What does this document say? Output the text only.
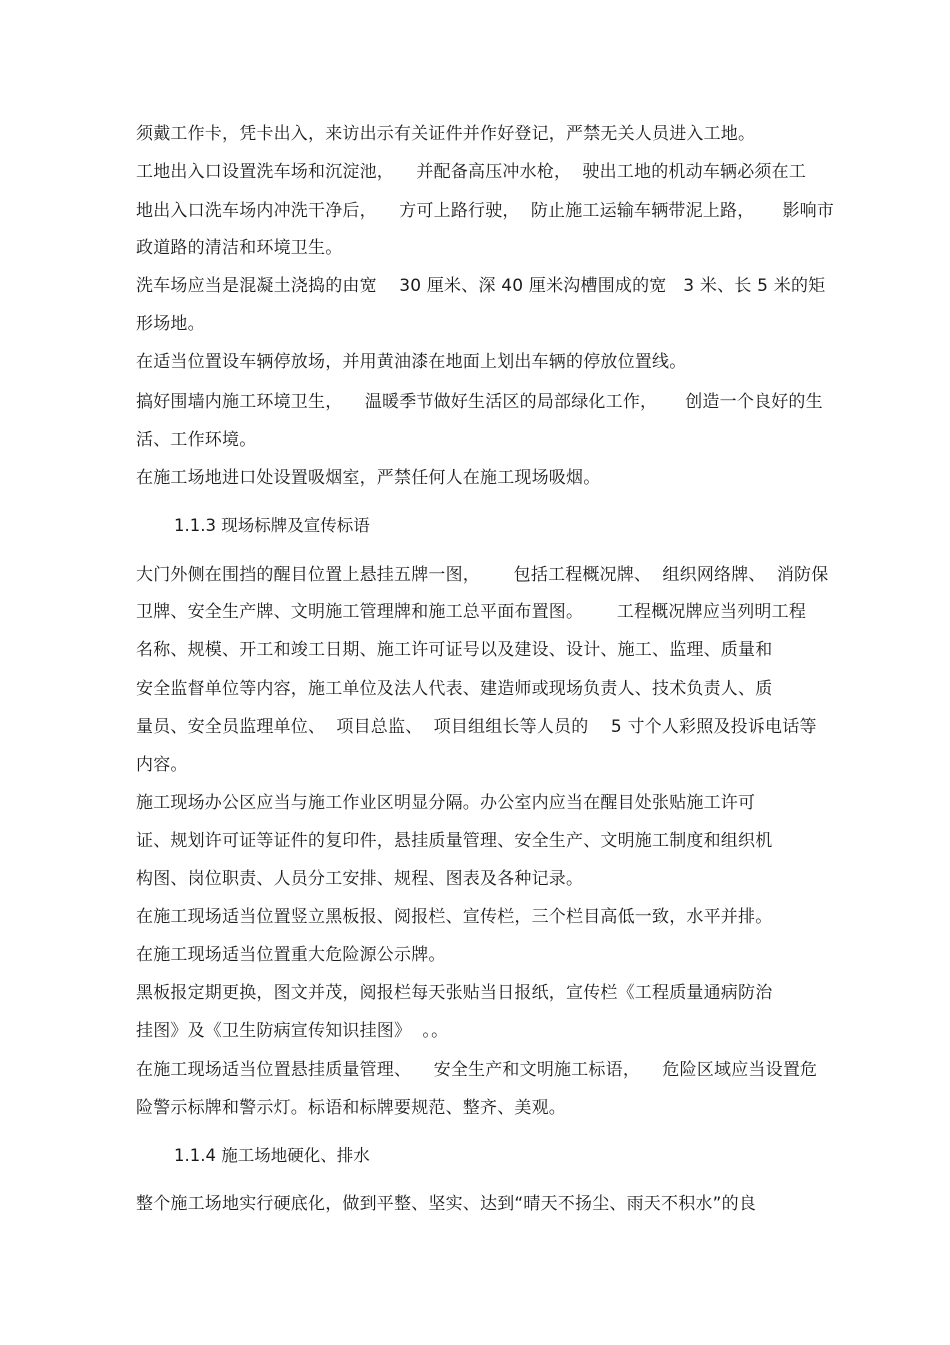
须戴工作卡，凭卡出入，来访出示有关证件并作好登记，严禁无关人员进入工地。
工地出入口设置洗车场和沉淀池，    并配备高压冲水枪，  驶出工地的机动车辆必须在工
地出入口洗车场内冲洗干净后，    方可上路行驶，  防止施工运输车辆带泥上路，     影响市
政道路的清洁和环境卫生。
洗车场应当是混凝土浇捣的由宽    30 厘米、深 40 厘米沟槽围成的宽   3 米、长 5 米的矩
形场地。
在适当位置设车辆停放场，并用黄油漆在地面上划出车辆的停放位置线。
搞好围墙内施工环境卫生，    温暖季节做好生活区的局部绿化工作，     创造一个良好的生
活、工作环境。
在施工场地进口处设置吸烟室，严禁任何人在施工现场吸烟。
1.1.3 现场标牌及宣传标语
大门外侧在围挡的醒目位置上悬挂五牌一图，      包括工程概况牌、  组织网络牌、  消防保
卫牌、安全生产牌、文明施工管理牌和施工总平面布置图。      工程概况牌应当列明工程
名称、规模、开工和竣工日期、施工许可证号以及建设、设计、施工、监理、质量和
安全监督单位等内容，施工单位及法人代表、建造师或现场负责人、技术负责人、质
量员、安全员监理单位、  项目总监、  项目组组长等人员的    5 寸个人彩照及投诉电话等
内容。
施工现场办公区应当与施工作业区明显分隔。办公室内应当在醒目处张贴施工许可
证、规划许可证等证件的复印件，悬挂质量管理、安全生产、文明施工制度和组织机
构图、岗位职责、人员分工安排、规程、图表及各种记录。
在施工现场适当位置竖立黑板报、阅报栏、宣传栏，三个栏目高低一致，水平并排。
在施工现场适当位置重大危险源公示牌。
黑板报定期更换，图文并茂，阅报栏每天张贴当日报纸，宣传栏《工程质量通病防治
挂图》及《卫生防病宣传知识挂图》  。。
在施工现场适当位置悬挂质量管理、    安全生产和文明施工标语，    危险区域应当设置危
险警示标牌和警示灯。标语和标牌要规范、整齐、美观。
1.1.4 施工场地硬化、排水
整个施工场地实行硬底化，做到平整、坚实、达到“晴天不扬尘、雨天不积水”的良
